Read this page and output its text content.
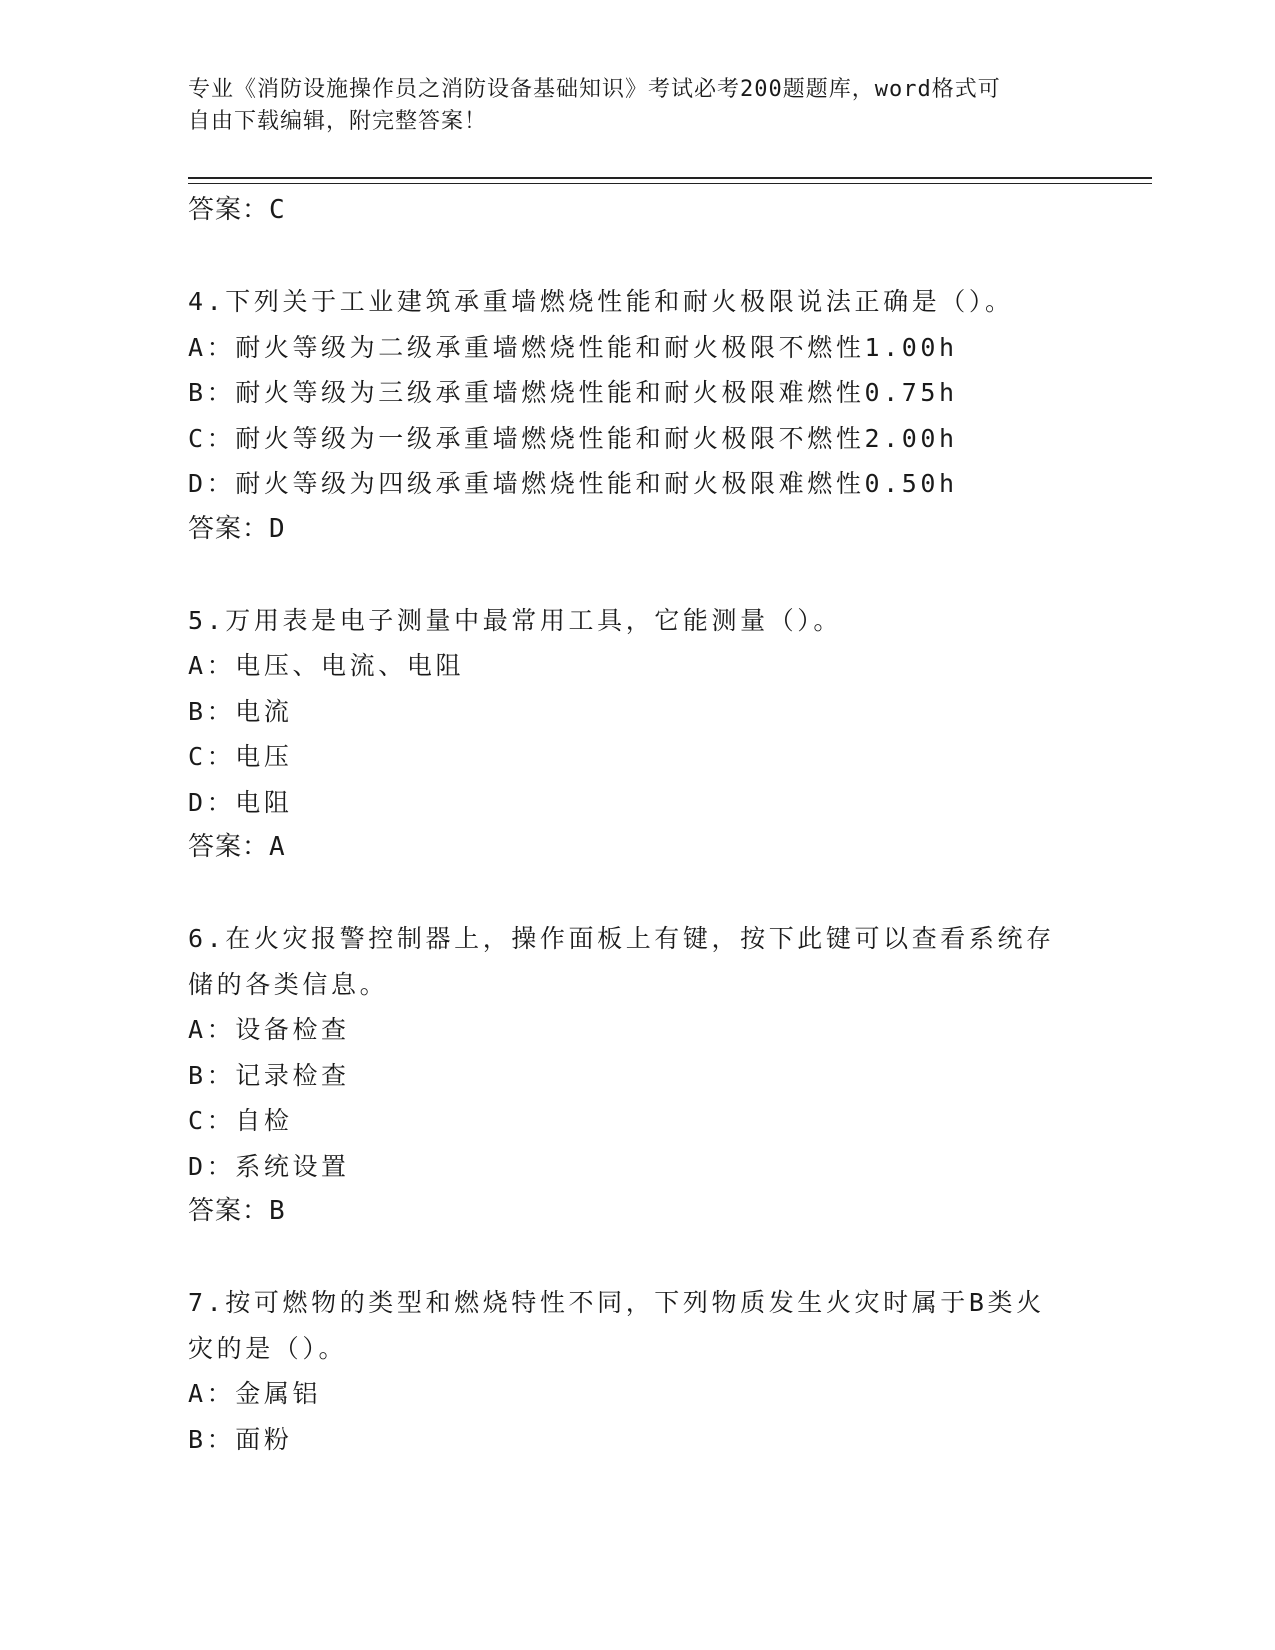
专业《消防设施操作员之消防设备基础知识》考试必考200题题库，word格式可
自由下载编辑，附完整答案！
答案：C
4.下列关于工业建筑承重墙燃烧性能和耐火极限说法正确是（）。
A：耐火等级为二级承重墙燃烧性能和耐火极限不燃性1.00h
B：耐火等级为三级承重墙燃烧性能和耐火极限难燃性0.75h
C：耐火等级为一级承重墙燃烧性能和耐火极限不燃性2.00h
D：耐火等级为四级承重墙燃烧性能和耐火极限难燃性0.50h
答案：D
5.万用表是电子测量中最常用工具，它能测量（）。
A：电压、电流、电阻
B：电流
C：电压
D：电阻
答案：A
6.在火灾报警控制器上，操作面板上有键，按下此键可以查看系统存储的各类信息。
A：设备检查
B：记录检查
C：自检
D：系统设置
答案：B
7.按可燃物的类型和燃烧特性不同，下列物质发生火灾时属于B类火灾的是（）。
A：金属铝
B：面粉
